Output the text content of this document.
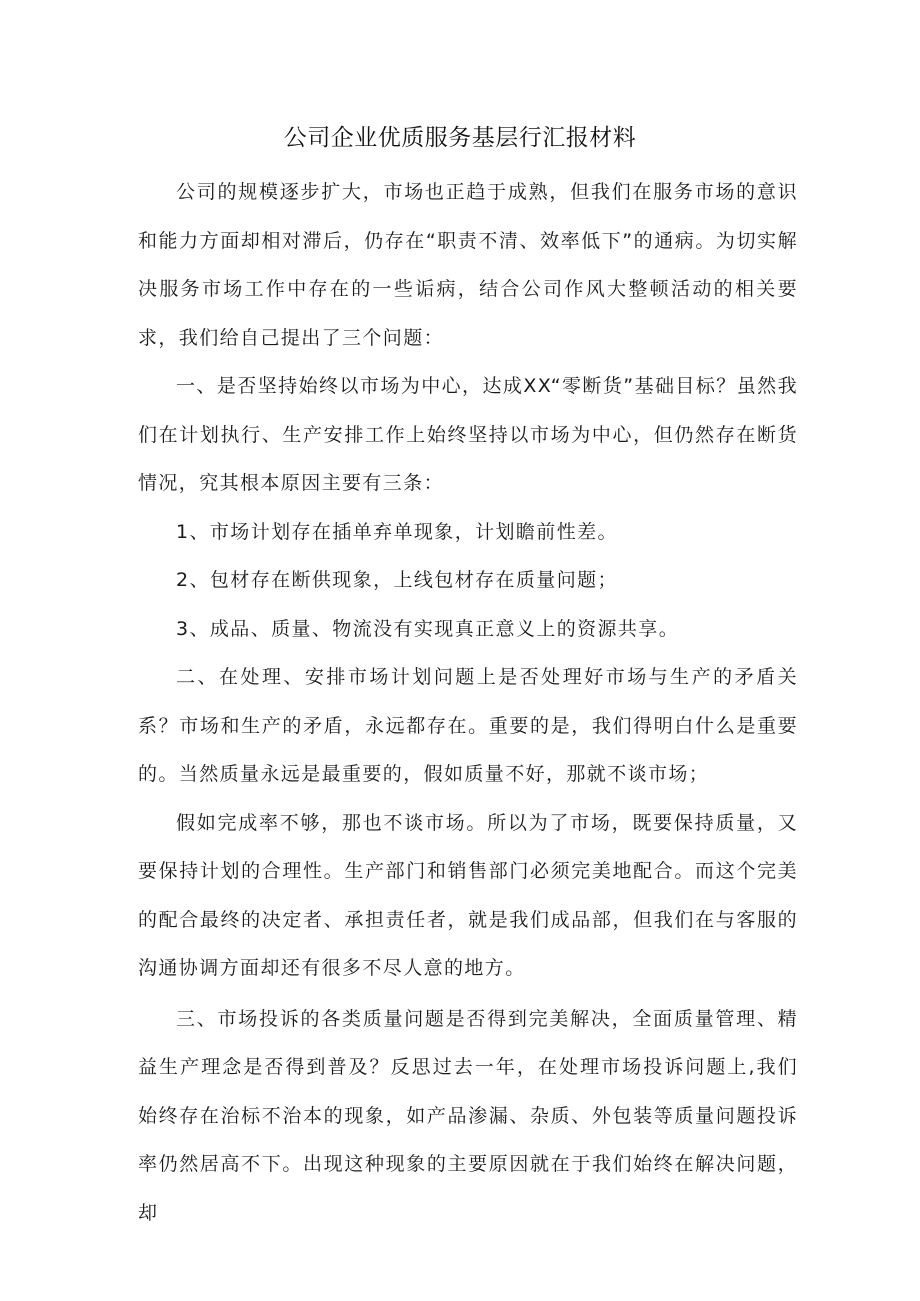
公司企业优质服务基层行汇报材料

公司的规模逐步扩大，市场也正趋于成熟，但我们在服务市场的意识和能力方面却相对滞后，仍存在“职责不清、效率低下”的通病。为切实解决服务市场工作中存在的一些诟病，结合公司作风大整顿活动的相关要求，我们给自己提出了三个问题：

一、是否坚持始终以市场为中心，达成XX“零断货”基础目标？虽然我们在计划执行、生产安排工作上始终坚持以市场为中心，但仍然存在断货情况，究其根本原因主要有三条：

1、市场计划存在插单弃单现象，计划瞻前性差。

2、包材存在断供现象，上线包材存在质量问题；

3、成品、质量、物流没有实现真正意义上的资源共享。

二、在处理、安排市场计划问题上是否处理好市场与生产的矛盾关系？市场和生产的矛盾，永远都存在。重要的是，我们得明白什么是重要的。当然质量永远是最重要的，假如质量不好，那就不谈市场；

假如完成率不够，那也不谈市场。所以为了市场，既要保持质量，又要保持计划的合理性。生产部门和销售部门必须完美地配合。而这个完美的配合最终的决定者、承担责任者，就是我们成品部，但我们在与客服的沟通协调方面却还有很多不尽人意的地方。

三、市场投诉的各类质量问题是否得到完美解决，全面质量管理、精益生产理念是否得到普及？反思过去一年，在处理市场投诉问题上,我们始终存在治标不治本的现象，如产品渗漏、杂质、外包装等质量问题投诉率仍然居高不下。出现这种现象的主要原因就在于我们始终在解决问题，却
